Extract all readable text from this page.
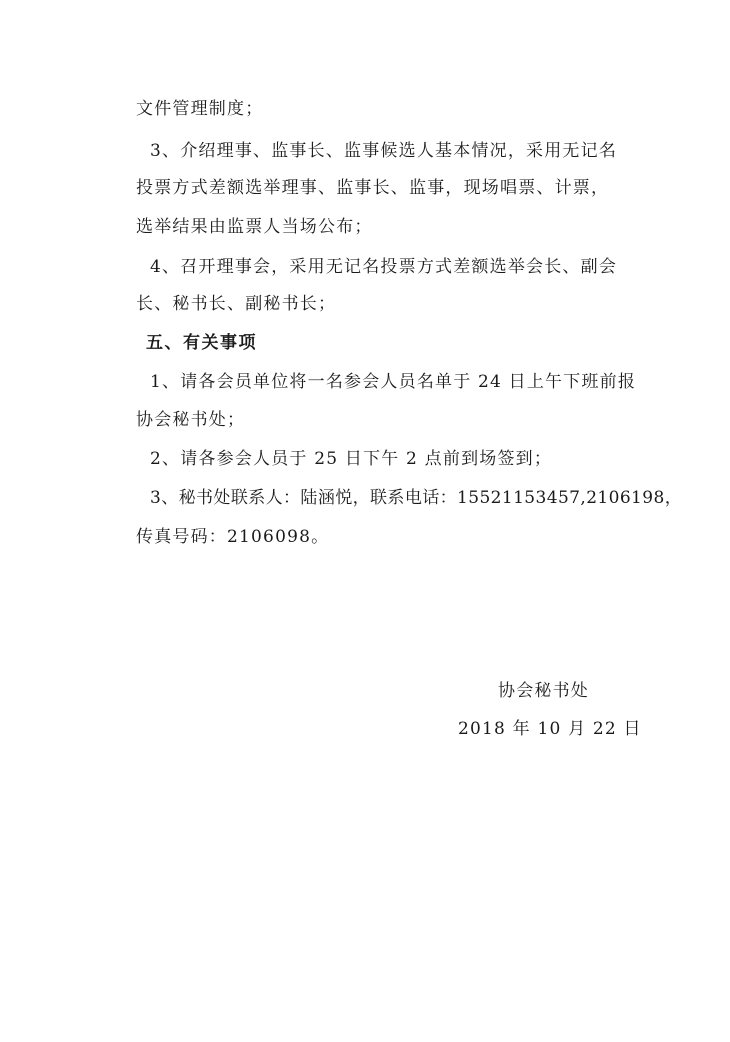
文件管理制度；
3、介绍理事、监事长、监事候选人基本情况，采用无记名
投票方式差额选举理事、监事长、监事，现场唱票、计票，
选举结果由监票人当场公布；
4、召开理事会，采用无记名投票方式差额选举会长、副会
长、秘书长、副秘书长；
五、有关事项
1、请各会员单位将一名参会人员名单于 24 日上午下班前报
协会秘书处；
2、请各参会人员于 25 日下午 2 点前到场签到；
3、秘书处联系人：陆涵悦，联系电话：15521153457,2106198，
传真号码：2106098。
协会秘书处
2018 年 10 月 22 日
